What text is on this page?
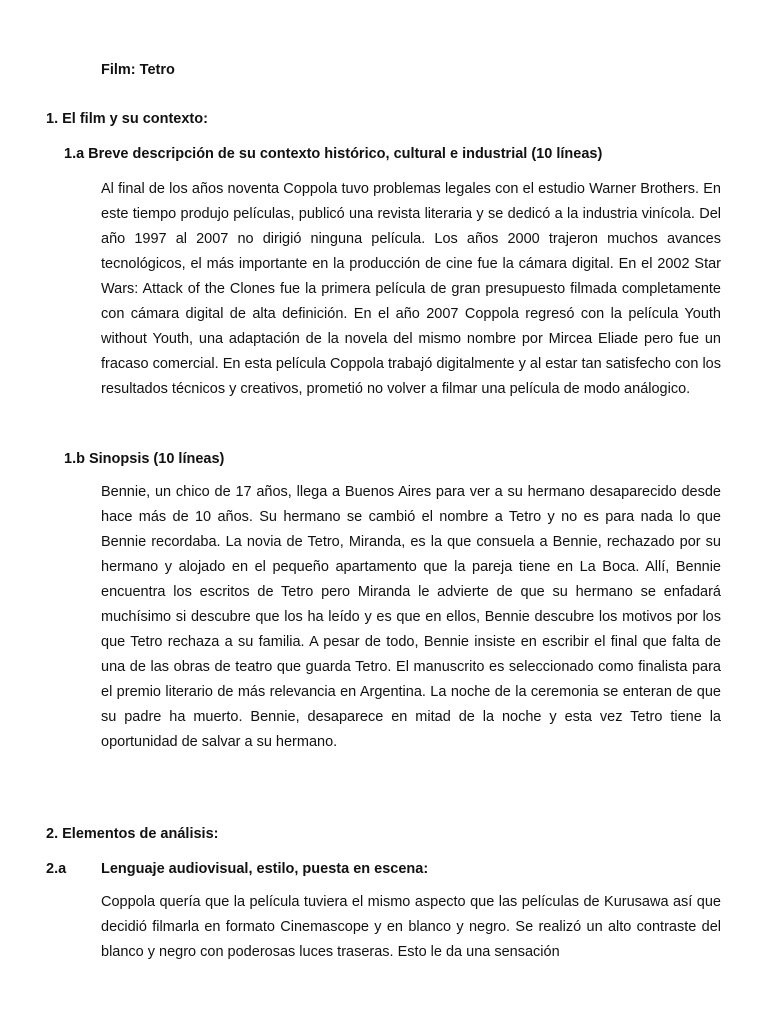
Film: Tetro
1. El film y su contexto:
1.a Breve descripción de su contexto histórico, cultural e industrial (10 líneas)

Al final de los años noventa Coppola tuvo problemas legales con el estudio Warner Brothers. En este tiempo produjo películas, publicó una revista literaria y se dedicó a la industria vinícola. Del año 1997 al 2007 no dirigió ninguna película. Los años 2000 trajeron muchos avances tecnológicos, el más importante en la producción de cine fue la cámara digital. En el 2002 Star Wars: Attack of the Clones fue la primera película de gran presupuesto filmada completamente con cámara digital de alta definición. En el año 2007 Coppola regresó con la película Youth without Youth, una adaptación de la novela del mismo nombre por Mircea Eliade pero fue un fracaso comercial. En esta película Coppola trabajó digitalmente y al estar tan satisfecho con los resultados técnicos y creativos, prometió no volver a filmar una película de modo análogico.

1.b Sinopsis (10 líneas)

Bennie, un chico de 17 años, llega a Buenos Aires para ver a su hermano desaparecido desde hace más de 10 años. Su hermano se cambió el nombre a Tetro y no es para nada lo que Bennie recordaba. La novia de Tetro, Miranda, es la que consuela a Bennie, rechazado por su hermano y alojado en el pequeño apartamento que la pareja tiene en La Boca. Allí, Bennie encuentra los escritos de Tetro pero Miranda le advierte de que su hermano se enfadará muchísimo si descubre que los ha leído y es que en ellos, Bennie descubre los motivos por los que Tetro rechaza a su familia. A pesar de todo, Bennie insiste en escribir el final que falta de una de las obras de teatro que guarda Tetro. El manuscrito es seleccionado como finalista para el premio literario de más relevancia en Argentina. La noche de la ceremonia se enteran de que su padre ha muerto. Bennie, desaparece en mitad de la noche y esta vez Tetro tiene la oportunidad de salvar a su hermano.

2. Elementos de análisis:
2.a Lenguaje audiovisual, estilo, puesta en escena:

Coppola quería que la película tuviera el mismo aspecto que las películas de Kurusawa así que decidió filmarla en formato Cinemascope y en blanco y negro. Se realizó un alto contraste del blanco y negro con poderosas luces traseras. Esto le da una sensación
